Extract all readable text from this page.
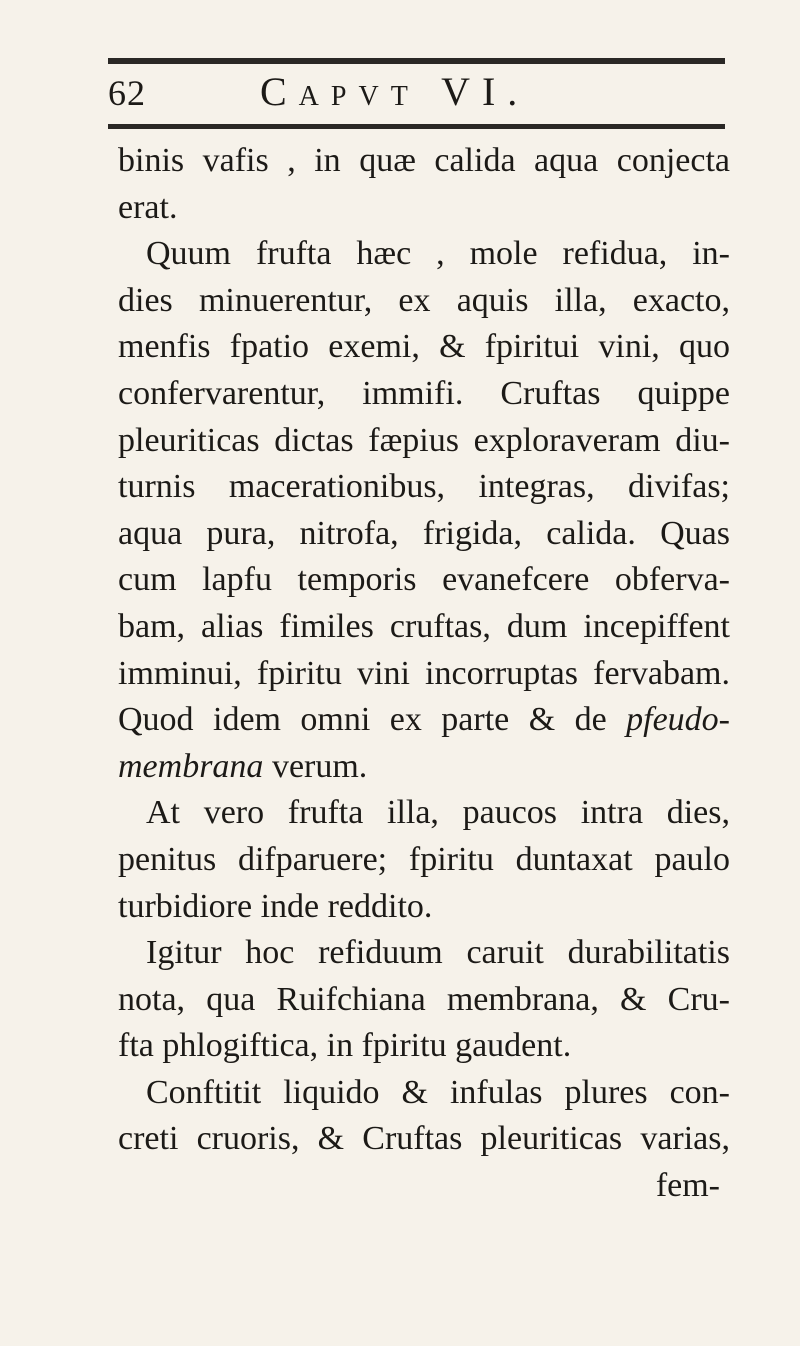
62	Capvt VI.
binis vafis , in quæ calida aqua conjecta
erat.
Quum frufta hæc , mole refidua, in-
dies minuerentur, ex aquis illa, exacto,
menfis fpatio exemi, & fpiritui vini, quo
confervarentur, immifi. Cruftas quippe
pleuriticas dictas fæpius exploraveram diu-
turnis macerationibus, integras, divifas;
aqua pura, nitrofa, frigida, calida. Quas
cum lapfu temporis evanefcere obferva-
bam, alias fimiles cruftas, dum incepiffent
imminui, fpiritu vini incorruptas fervabam.
Quod idem omni ex parte & de pfeudo-
membrana verum.
At vero frufta illa, paucos intra dies,
penitus difparuere; fpiritu duntaxat paulo
turbidiore inde reddito.
Igitur hoc refiduum caruit durabilitatis
nota, qua Ruifchiana membrana, & Cru-
fta phlogiftica, in fpiritu gaudent.
Conftitit liquido & infulas plures con-
creti cruoris, & Cruftas pleuriticas varias,
fem-
